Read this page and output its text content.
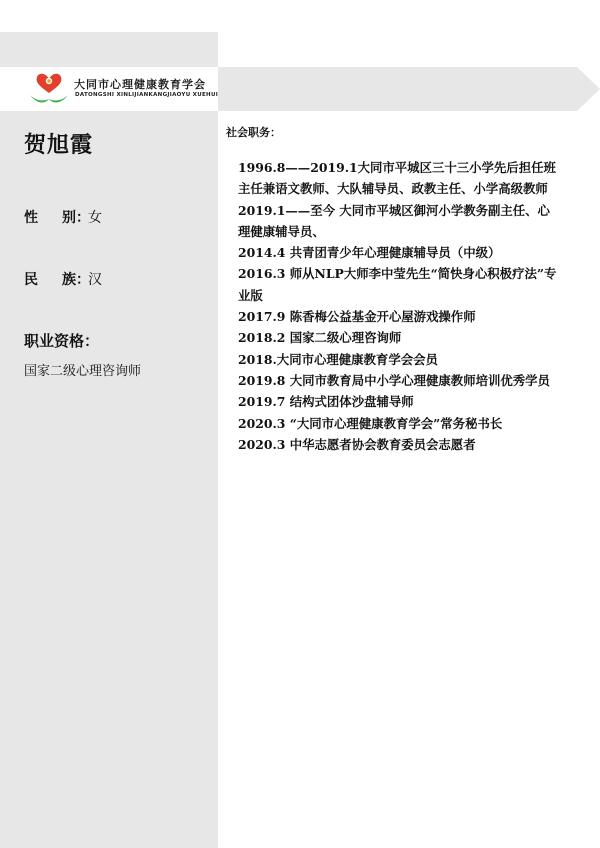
大同市心理健康教育学会
DATONGSHI XINLIJIANKANGJIAOYU XUEHUI
贺旭霞
性 别：女
民 族：汉
职业资格：
国家二级心理咨询师
社会职务：
1996.8——2019.1大同市平城区三十三小学先后担任班主任兼语文教师、大队辅导员、政教主任、小学高级教师
2019.1——至今 大同市平城区御河小学教务副主任、心理健康辅导员、
2014.4 共青团青少年心理健康辅导员（中级）
2016.3 师从NLP大师李中莹先生“简快身心积极疗法”专业版
2017.9 陈香梅公益基金开心屋游戏操作师
2018.2 国家二级心理咨询师
2018.大同市心理健康教育学会会员
2019.8 大同市教育局中小学心理健康教师培训优秀学员
2019.7 结构式团体沙盘辅导师
2020.3 “大同市心理健康教育学会”常务秘书长
2020.3 中华志愿者协会教育委员会志愿者
